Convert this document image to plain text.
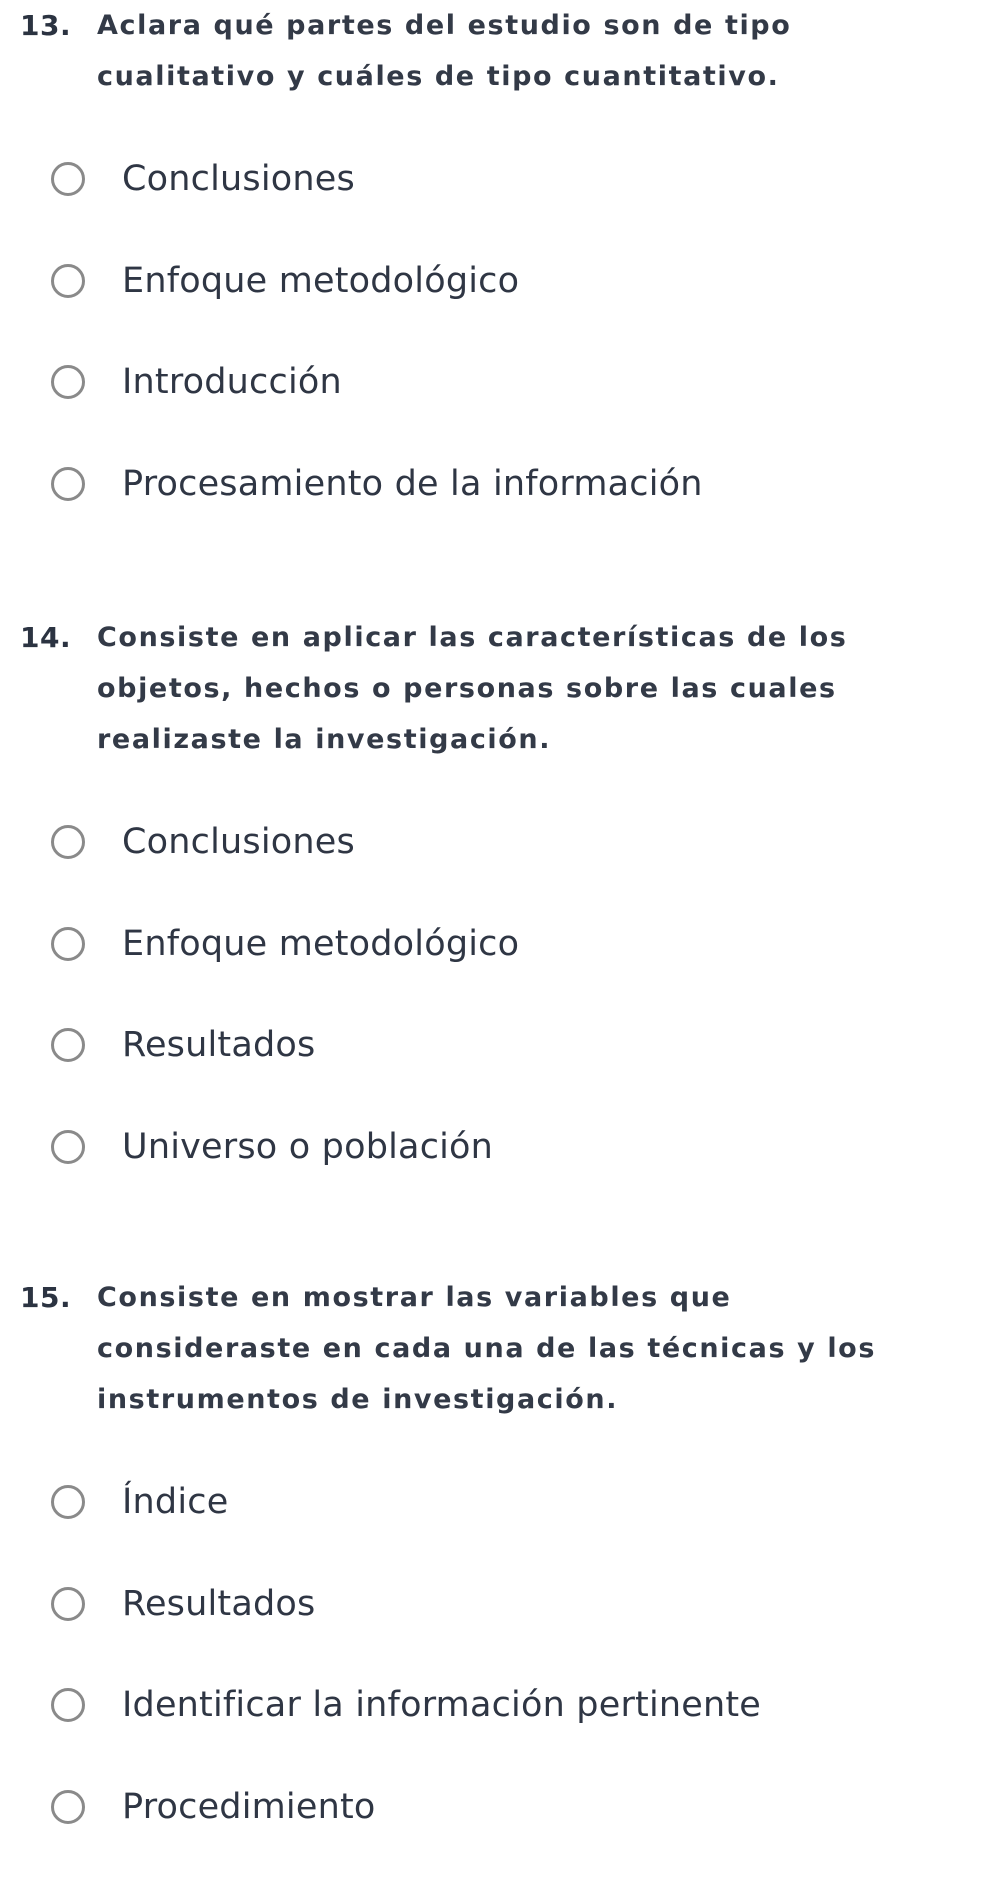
13. Aclara qué partes del estudio son de tipo cualitativo y cuáles de tipo cuantitativo.
Conclusiones
Enfoque metodológico
Introducción
Procesamiento de la información
14. Consiste en aplicar las características de los objetos, hechos o personas sobre las cuales realizaste la investigación.
Conclusiones
Enfoque metodológico
Resultados
Universo o población
15. Consiste en mostrar las variables que consideraste en cada una de las técnicas y los instrumentos de investigación.
Índice
Resultados
Identificar la información pertinente
Procedimiento
